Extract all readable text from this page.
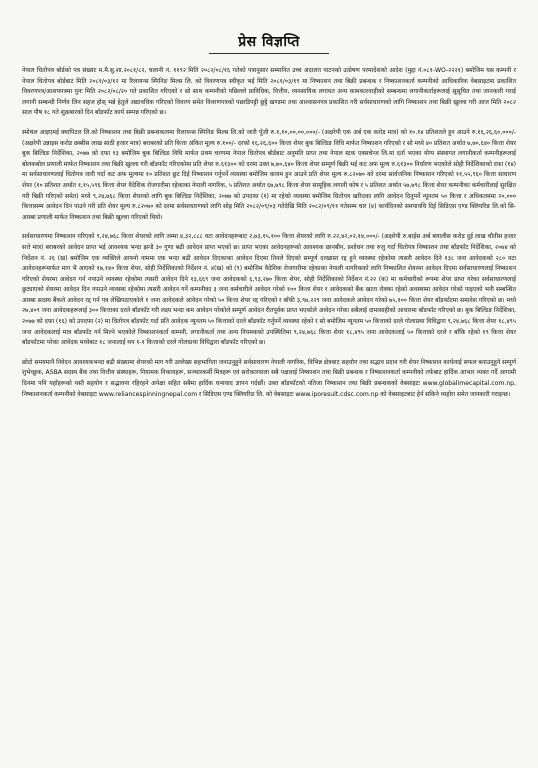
प्रेस विज्ञप्ति

नेपाल धितोपत्र बोर्डको पत्र संख्याः म.मै.सु.शा.२०८१/८२, चलानी नं. ११९२ मिति २०८२/०८/१६ गतेको पत्रानुसार सम्मानित उच्च अदालत पाटनको उत्प्रेषण परमादेशको आदेश (मुद्दा नं.०८१-WO-२२२१) बमोजिम यस कम्पनी र नेपाल धितोपत्र बोर्डबाट मिति २०८१/०३/१२ मा रिलायन्स स्पिनिङ मिल्स लि. को विवरणपत्र स्वीकृत भई मिति २०८१/०३/१९ मा निष्काशन तथा बिक्री प्रबन्धक र निष्काशनकर्ता कम्पनीको आधिकारिक वेबसाइटमा प्रकाशित विवरणपत्र/आशयपत्रमा पुनः मिति २०८२/०८/२० गते प्रकाशित गरिएको र सो साथ कम्पनीको पछिल्लो प्राविधिक, वित्तीय, व्यवसायिक लगायत अन्य कामकारवाहीको सम्बन्धमा लगानीकर्ताहरूलाई सूसूचित तथा जानकारी गराई लगानी सम्बन्धी निर्णय लिन सहज होस् भन्ने हेतुले अद्यावधिक गरिएको विवरण समेत विवरणपत्रको पछाडिपट्टी छुट्टै खण्डमा तथा आश्वासनपत्र प्रकाशित गरी सर्वसाधारणको लागि निष्काशन तथा बिक्री खुल्ला गरी आज मिति २०८२ साल पौष १८ गते शुक्रबारको दिन बाँडफाँट कार्य सम्पन्न गरिएको छ।

स्मोथल आइएमई क्यापिटल लि.को निष्काशन तथा बिक्री प्रबन्धकत्वमा रिलायन्स स्पिनिङ मिल्स लि.को जारी पूँजी रु.१,१०,००,००,०००/- (अक्षरेपी एक अर्ब एक करोड मात्र) को १०.१४ प्रतिशतले हुन आउने रु.१६,२६,६०,०००/- (अक्षरेपी उन्नाइस करोड छब्बीस लाख साठी हजार मात्र) बराबरको प्रति कित्ता अंकित मूल्य रु.१००/- दरको १६,२६,६०० कित्ता शेयर बुक बिल्डिङ विधि मार्फत निष्काशन गरिएको र सो मध्ये ४० प्रतिशत अर्थात ७,७०,६४० कित्ता शेयर बुक बिल्डिङ निर्देशिका, २०७७ को दफा १३ बमोजिम बुक बिल्डिङ विधि मार्फत प्रथम चरणमा नेपाल धितोपत्र बोर्डबाट अनुमति प्राप्त तथा नेपाल स्टक एक्सचेन्ज लि.मा दर्ता भएका योग्य संस्थागत लगानीकर्ता कम्पनीहरूलाई बोलकबोल प्रणाली मार्फत निष्काशन तथा बिक्री खुल्ला गरी बाँडफाँट गरिएकोमा प्रति शेयर रु.६१३०० को दरमा उक्त ७,७०,६४० कित्ता शेयर सम्पूर्ण बिक्री भई कट अफ मूल्य रु.६१३०० निर्धारण भएकोले सोही निर्देशिकाको दफा (१४) मा सर्वसाधारणलाई धितोपत्र जारी गर्दा कट अफ मूल्यमा १० प्रतिशत छुट दिई निष्काशन गर्नुपर्ने व्यवस्था बमोजिम कायम हुन आउने प्रति शेयर मूल्य रु.८२०७० को दरमा सार्वजनिक निष्काशन गरिएको ११,५५,९६० कित्ता साधारण शेयर (१० प्रतिशत अर्थात १,१५,५९६ कित्ता शेयर वैदेशिक रोजगारीमा रहेकाका नेपाली नागरिक, ५ प्रतिशत अर्थात ६७,७९८ कित्ता शेयर सामूहिक लगानी कोष र ५ प्रतिशत अर्थात ५७,७९८ कित्ता शेयर कम्पनीका कर्मचारीलाई सुरक्षित गरी बिक्री गरिएको समेत) मध्ये ९,२४,७६८ कित्ता शेयरको लागि बुक बिल्डिङ निर्देशिका, २०७७ को उपदफा (१) मा रहेको व्यवस्था बमोजिम धितोपत्र खरिदका लागि आवेदन दिनुपर्ने न्यूनतम ५० कित्ता र अधिकतममा २०,००० कित्तासम्म आवेदन दिन पाउने गरी प्रति शेयर मूल्य रु.८२०७० को दरमा सर्वसाधारणको लागि सोह्र मिति २०८२/०९/०३ गतेदेखि मिति २०८२/०९/११ गतेसम्म चार (४) कार्यदिनको समयावधि दिई सिडिएस एण्ड क्लियरिङ लि.को सि-आस्बा प्रणाली मार्फत निष्काशन तथा बिक्री खुल्ला गरिएको थियो।

सर्वसाधारणमा निष्काशन गरिएको ९,२४,७६८ कित्ता शेयरको लागि जम्मा ४,३२,८८८ वटा आवेदनहरूबाट २,७३,१५,१०० कित्ता शेयरको लागि रु.२२,४२,०२,१४,०००/- (अक्षरेपी रु.बाईस अर्ब बयालीस करोड दुई लाख चौतीस हजार सत्ते मात्र) बराबरको आवेदन प्राप्त भई आवश्यक भन्दा झन्डै ३० गुणा बढी आवेदन प्राप्त भएको छ। प्राप्त भएका आवेदनहरूको आवश्यक छानबीन, प्रशोधन तथा रुजु गर्दा धितोपत्र निष्काशन तथा बाँडफाँट निर्देशिका, २०७४ को निर्देशन नं. २६ (ख) बमोजिम एक व्यक्तिले आफ्नो नाममा एक भन्दा बढी आवेदन दिएकाका आवेदन दिएमा तिनले दिएको सम्पूर्ण दरखास्त रद्द हुने व्यवस्था रहेकोमा त्यसरी आवेदन दिने १३८ जना आवेदकको २८० वटा आवेदनहरूमार्फत माग भै आएको १७,१४० कित्ता शेयर, सोही निर्देशिकाको निर्देशन नं. ४(ख) को (९) बमोजिम वैदेशिक रोजगारीमा रहेकाका नेपाली नागरिकको लागि निष्काशित शेयरमा आवेदन दिएमा सर्वसाधारणलाई निष्काशन गरिएको शेयरमा आवेदन गर्न नपाउने व्यवस्था रहेकोमा त्यसरी आवेदन दिने १३,६६९ जना आवेदकको ६,९३,२७० कित्ता शेयर, सोही निर्देशिकाको निर्देशन नं.२२ (क) मा कर्मचारीको रूपमा शेयर प्राप्त गरेका सर्वसाधारणलाई छुट्याएको शेयरमा आवेदन दिन नपाउने व्यवस्था रहेकोमा त्यसरी आवेदन गर्ने कम्पनीका ३ जना कर्मचारीले आवेदन गरेको १०० कित्ता शेयर र आवेदकको बैंक खाता रोक्का रहेको अवस्थामा आवेदन गरेको पाइएको भनी सम्बन्धित आस्बा सदस्य बैंकले आवेदन रद्द गर्न पत्र लेखिपठाएकोले १ जना आवेदकले आवेदन गरेको ५० कित्ता शेयर रद्द गरिएको र बाँकी ३,९७,२२९ जना आवेदकले आवेदन गरेको ७५,१०० कित्ता शेयर बाँडफाँटमा समावेश गरिएको छ। मध्ये २७,४०९ जना आवेदकहरूलाई ३०० कित्ताका दरले बाँडफाँट गरी लक्ष्य भन्दा कम आवेदन परेकोले सम्पूर्ण आवेदन रीतपूर्वक प्राप्त भएकोले आवेदन गरेका सबैलाई दामासाहीको आधारमा बाँडफाँट गरिएको छ। बुक बिल्डिङ निर्देशिका, २०७७ को दफा (१६) को उपदफा (२) मा धितोपत्र बाँडफाँट गर्दा प्रति आवेदक न्यूनतम ५० कित्ताको दरले बाँडफाँट गर्नुपर्ने व्यवस्था रहेको र सो बमोजिम न्यूनतम ५० कित्ताको दरले गोलाप्रथा विधिद्वारा ९,२४,७६८ कित्ता शेयर १८,४९५ जना आवेदकलाई मात्र बाँडफाँट गर्न मिल्ने भएकोले निष्काशनकर्ता कम्पनी, लगानीकर्ता तथा अन्य नियमकको उपस्थितिमा ९,२४,७६८ कित्ता शेयर १८,४९५ जना आवेदकलाई ५० कित्ताको दरले र बाँकि रहेको १९ कित्ता शेयर बाँडफाँटमा परेका आवेदक मध्येबाट १८ जनालाई थप १-१ कित्ताको दरले गोलाप्रथा विधिद्वारा बाँडफाँट गरिएको छ।

छोटो समयमानै निवेदन आवश्यकभन्दा बढी संख्यामा शेयरको माग गरी उल्लेख्य सहभागिता जनाउनुहुने सर्वसाधारण नेपाली नागरिक, विभिन्न क्षेत्रबाट सहयोग तथा सद्भाव प्रदान गरी शेयर निष्काशन कार्यलाई सफल बनाउनुहुने सम्पूर्ण शुभेच्छुक, ASBA सदस्य बैंक तथा वित्तीय संस्थाहरू, नियामक निकायहरू, सञ्चारकर्मी मित्रहरू एवं सरोकारवाला सबै पक्षलाई निष्काशन तथा बिक्री प्रबन्धक र निष्काशनकर्ता कम्पनीको तर्फबाट हार्दिक आभार व्यक्त गर्दै आगामी दिनमा पनि यहाँहरूको यस्तै सहयोग र सद्भावना रहिरहने अपेक्षा सहित सबैमा हार्दिक धन्यवाद ज्ञापन गर्दछौं। उक्त बाँडफाँटको नतिजा निष्काशन तथा बिक्री प्रबन्धकको वेबसाइटः www.globalimecapital.com.np, निष्काशनकर्ता कम्पनीको वेबसाइटः www.reliancespinningnepal.com र सिडिएस एण्ड क्लियरिङ लि. को वेबसाइटः www.iporesult.cdsc.com.np को वेबसाइटबाट हेर्न सकिने व्यहोरा समेत जानकारी गराइन्छ।
